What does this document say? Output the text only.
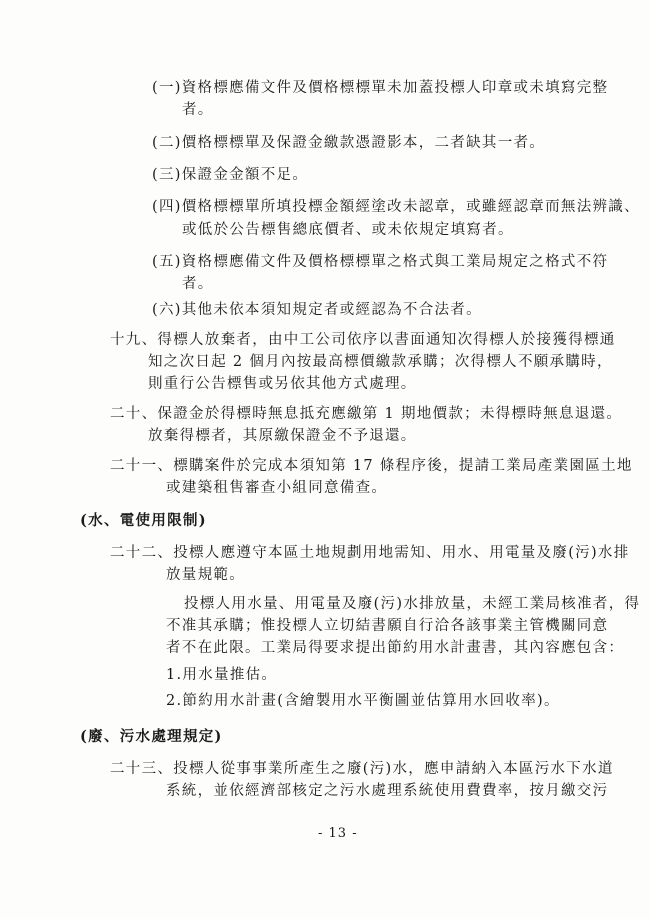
(一)資格標應備文件及價格標標單未加蓋投標人印章或未填寫完整
者。
(二)價格標標單及保證金繳款憑證影本，二者缺其一者。
(三)保證金金額不足。
(四)價格標標單所填投標金額經塗改未認章，或雖經認章而無法辨識、
或低於公告標售總底價者、或未依規定填寫者。
(五)資格標應備文件及價格標標單之格式與工業局規定之格式不符
者。
(六)其他未依本須知規定者或經認為不合法者。
十九、得標人放棄者，由中工公司依序以書面通知次得標人於接獲得標通
知之次日起 2 個月內按最高標價繳款承購；次得標人不願承購時，
則重行公告標售或另依其他方式處理。
二十、保證金於得標時無息抵充應繳第 1 期地價款；未得標時無息退還。
放棄得標者，其原繳保證金不予退還。
二十一、標購案件於完成本須知第 17 條程序後，提請工業局產業園區土地
或建築租售審查小組同意備查。
(水、電使用限制)
二十二、投標人應遵守本區土地規劃用地需知、用水、用電量及廢(污)水排
放量規範。
投標人用水量、用電量及廢(污)水排放量，未經工業局核准者，得
不准其承購；惟投標人立切結書願自行洽各該事業主管機關同意
者不在此限。工業局得要求提出節約用水計畫書，其內容應包含：
1.用水量推估。
2.節約用水計畫(含繪製用水平衡圖並估算用水回收率)。
(廢、污水處理規定)
二十三、投標人從事事業所產生之廢(污)水，應申請納入本區污水下水道
系統，並依經濟部核定之污水處理系統使用費費率，按月繳交污
- 13 -
